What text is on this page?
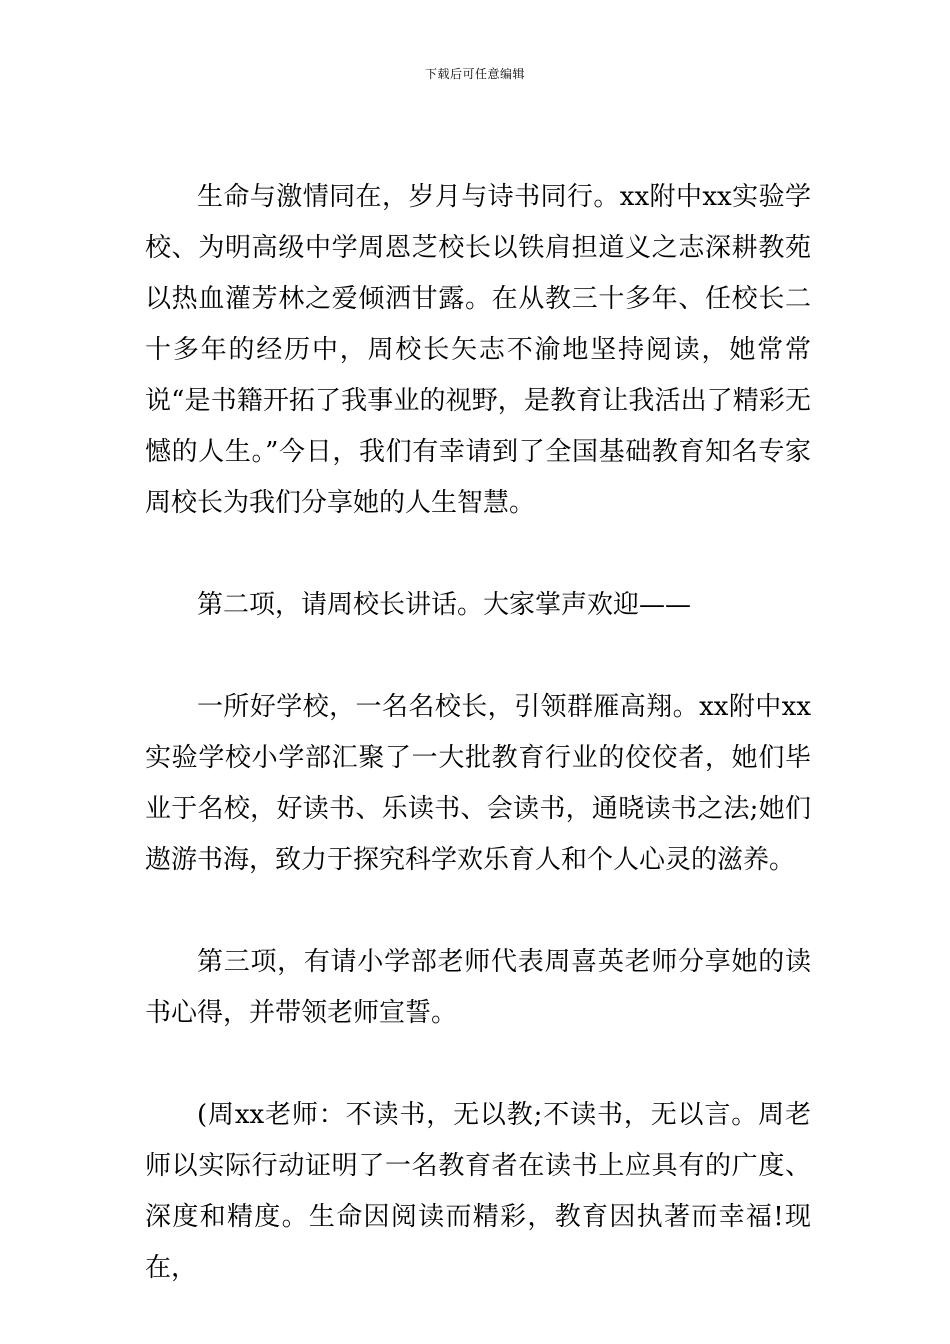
下载后可任意编辑

生命与激情同在，岁月与诗书同行。xx附中xx实验学校、为明高级中学周恩芝校长以铁肩担道义之志深耕教苑以热血灌芳林之爱倾洒甘露。在从教三十多年、任校长二十多年的经历中，周校长矢志不渝地坚持阅读，她常常说“是书籍开拓了我事业的视野，是教育让我活出了精彩无憾的人生。”今日，我们有幸请到了全国基础教育知名专家周校长为我们分享她的人生智慧。

第二项，请周校长讲话。大家掌声欢迎——

一所好学校，一名名校长，引领群雁高翔。xx附中xx实验学校小学部汇聚了一大批教育行业的佼佼者，她们毕业于名校，好读书、乐读书、会读书，通晓读书之法;她们遨游书海，致力于探究科学欢乐育人和个人心灵的滋养。

第三项，有请小学部老师代表周喜英老师分享她的读书心得，并带领老师宣誓。

(周xx老师：不读书，无以教;不读书，无以言。周老师以实际行动证明了一名教育者在读书上应具有的广度、深度和精度。生命因阅读而精彩，教育因执著而幸福!现在，
